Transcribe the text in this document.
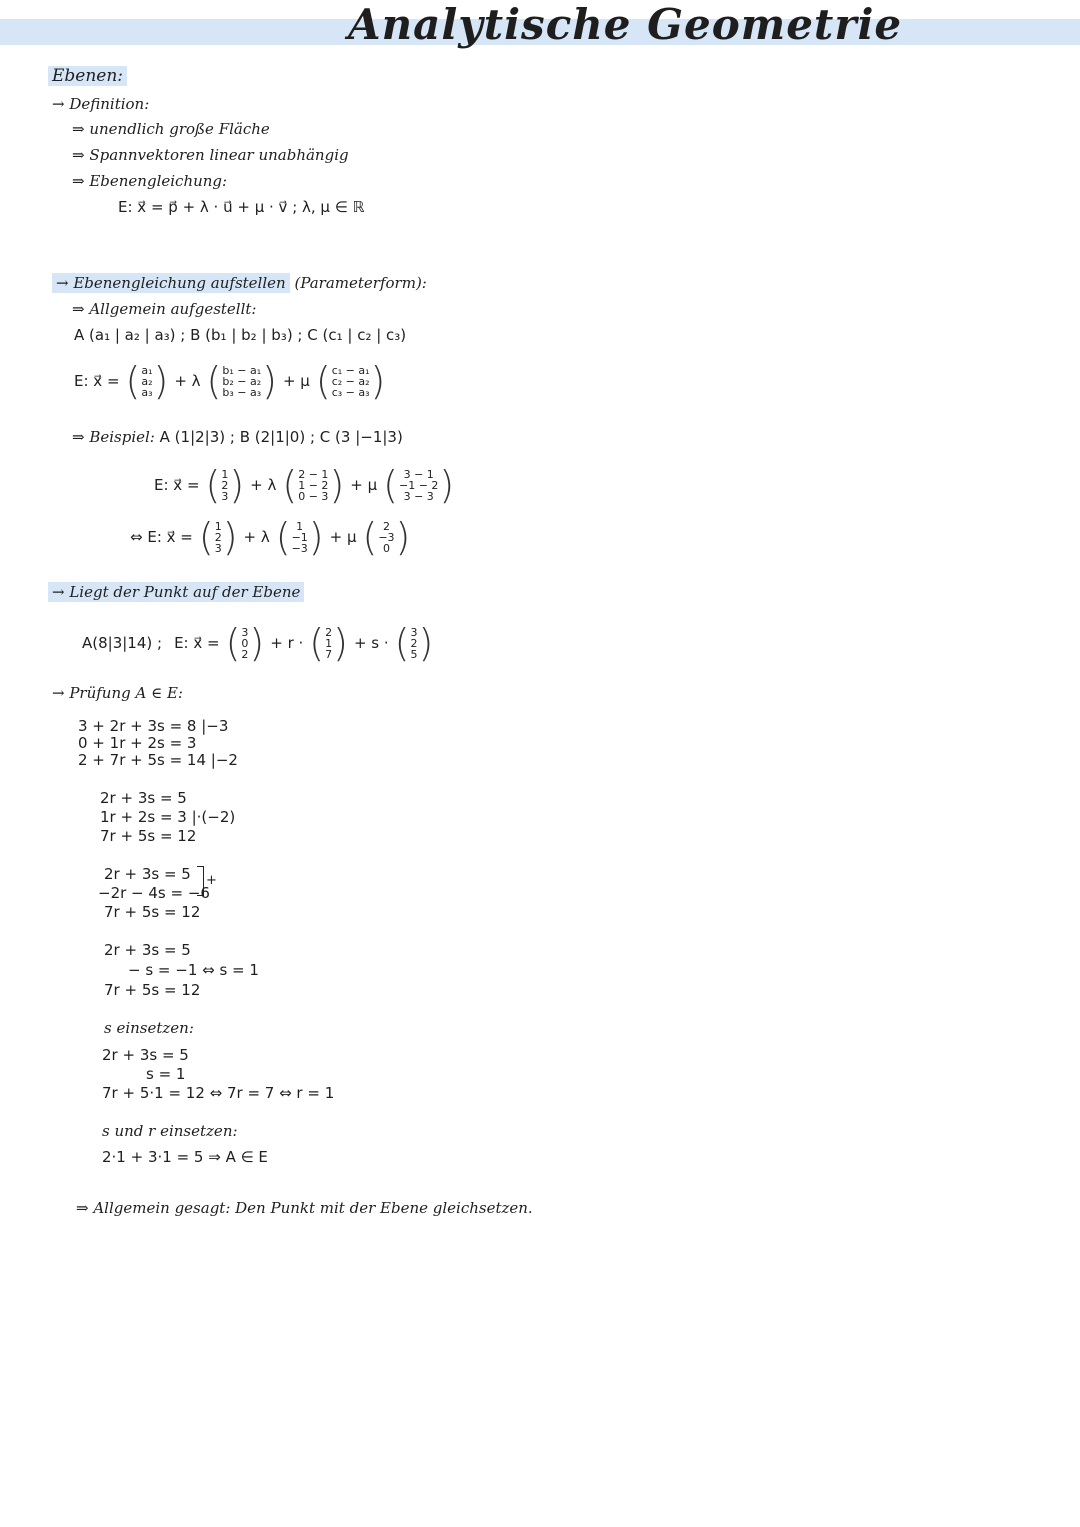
Analytische Geometrie
Ebenen:
→ Definition:
⇒ unendlich große Fläche
⇒ Spannvektoren linear unabhängig
⇒ Ebenengleichung:
E: x⃗ = p⃗ + λ · u⃗ + μ · v⃗ ; λ, μ ∈ ℝ
→ Ebenengleichung aufstellen (Parameterform):
⇒ Allgemein aufgestellt:
A (a₁ | a₂ | a₃) ; B (b₁ | b₂ | b₃) ; C (c₁ | c₂ | c₃)
E: x⃗ = ( a₁
a₂
a₃ ) + λ ( b₁ − a₁
b₂ − a₂
b₃ − a₃ ) + μ ( c₁ − a₁
c₂ − a₂
c₃ − a₃ )
⇒ Beispiel: A (1|2|3) ; B (2|1|0) ; C (3 |−1|3)
E: x⃗ = ( 1
2
3 ) + λ ( 2 − 1
1 − 2
0 − 3 ) + μ ( 3 − 1
−1 − 2
3 − 3 )
⇔ E: x⃗ = ( 1
2
3 ) + λ ( 1
−1
−3 ) + μ ( 2
−3
0 )
→ Liegt der Punkt auf der Ebene
A(8|3|14) ; E: x⃗ = ( 3
0
2 ) + r · ( 2
1
7 ) + s · ( 3
2
5 )
→ Prüfung A ∈ E:
3 + 2r + 3s = 8 |−3
0 + 1r + 2s = 3
2 + 7r + 5s = 14 |−2
2r + 3s = 5
1r + 2s = 3 |·(−2)
7r + 5s = 12
2r + 3s = 5
−2r − 4s = −6
7r + 5s = 12
+
2r + 3s = 5
− s = −1 ⇔ s = 1
7r + 5s = 12
s einsetzen:
2r + 3s = 5
s = 1
7r + 5·1 = 12 ⇔ 7r = 7 ⇔ r = 1
s und r einsetzen:
2·1 + 3·1 = 5 ⇒ A ∈ E
⇒ Allgemein gesagt: Den Punkt mit der Ebene gleichsetzen.
